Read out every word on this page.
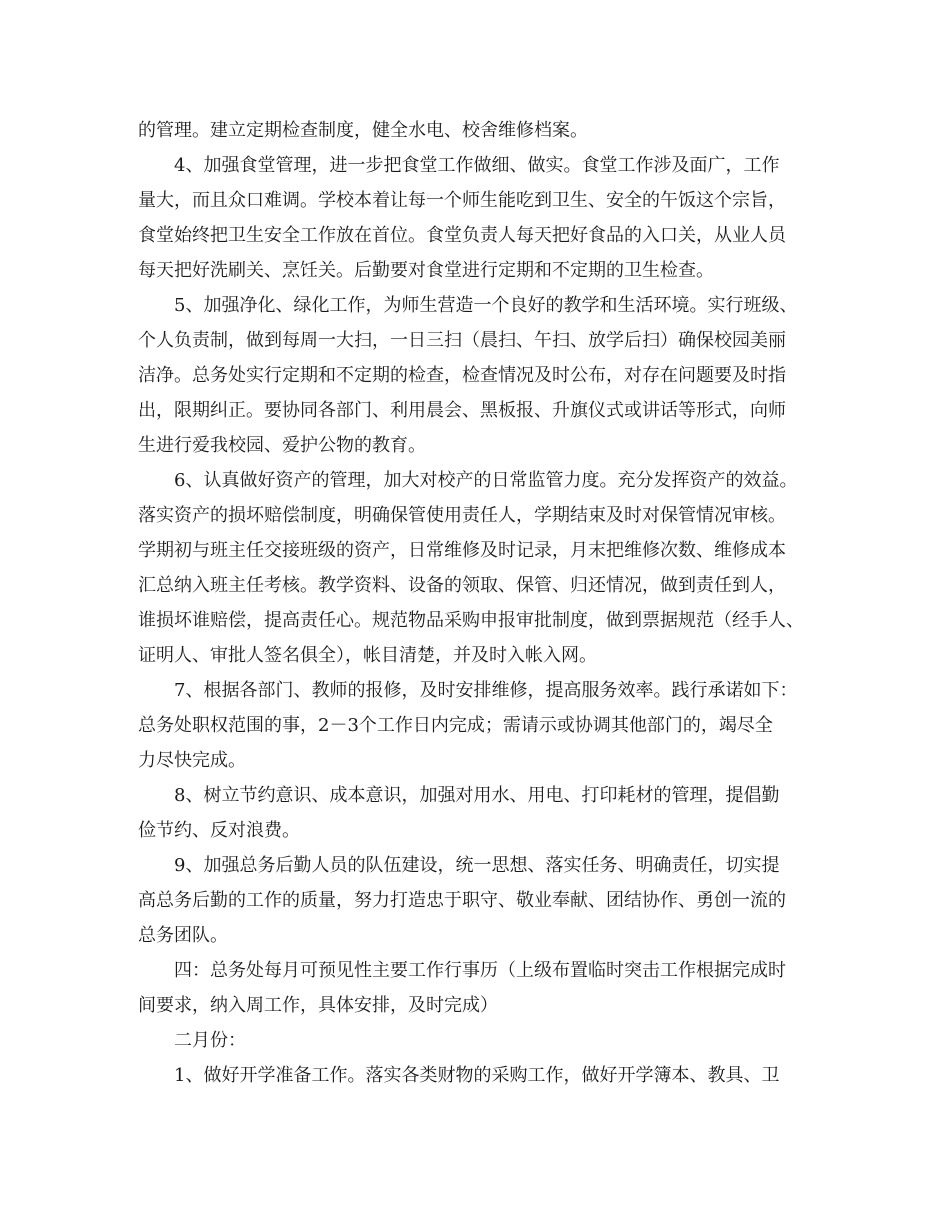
的管理。建立定期检查制度，健全水电、校舍维修档案。
4、加强食堂管理，进一步把食堂工作做细、做实。食堂工作涉及面广，工作
量大，而且众口难调。学校本着让每一个师生能吃到卫生、安全的午饭这个宗旨，
食堂始终把卫生安全工作放在首位。食堂负责人每天把好食品的入口关，从业人员
每天把好洗刷关、烹饪关。后勤要对食堂进行定期和不定期的卫生检查。
5、加强净化、绿化工作，为师生营造一个良好的教学和生活环境。实行班级、
个人负责制，做到每周一大扫，一日三扫（晨扫、午扫、放学后扫）确保校园美丽
洁净。总务处实行定期和不定期的检查，检查情况及时公布，对存在问题要及时指
出，限期纠正。要协同各部门、利用晨会、黑板报、升旗仪式或讲话等形式，向师
生进行爱我校园、爱护公物的教育。
6、认真做好资产的管理，加大对校产的日常监管力度。充分发挥资产的效益。
落实资产的损坏赔偿制度，明确保管使用责任人，学期结束及时对保管情况审核。
学期初与班主任交接班级的资产，日常维修及时记录，月末把维修次数、维修成本
汇总纳入班主任考核。教学资料、设备的领取、保管、归还情况，做到责任到人，
谁损坏谁赔偿，提高责任心。规范物品采购申报审批制度，做到票据规范（经手人、
证明人、审批人签名俱全），帐目清楚，并及时入帐入网。
7、根据各部门、教师的报修，及时安排维修，提高服务效率。践行承诺如下：
总务处职权范围的事，2－3个工作日内完成；需请示或协调其他部门的，竭尽全
力尽快完成。
8、树立节约意识、成本意识，加强对用水、用电、打印耗材的管理，提倡勤
俭节约、反对浪费。
9、加强总务后勤人员的队伍建设，统一思想、落实任务、明确责任，切实提
高总务后勤的工作的质量，努力打造忠于职守、敬业奉献、团结协作、勇创一流的
总务团队。
四：总务处每月可预见性主要工作行事历（上级布置临时突击工作根据完成时
间要求，纳入周工作，具体安排，及时完成）
二月份：
1、做好开学准备工作。落实各类财物的采购工作，做好开学簿本、教具、卫
